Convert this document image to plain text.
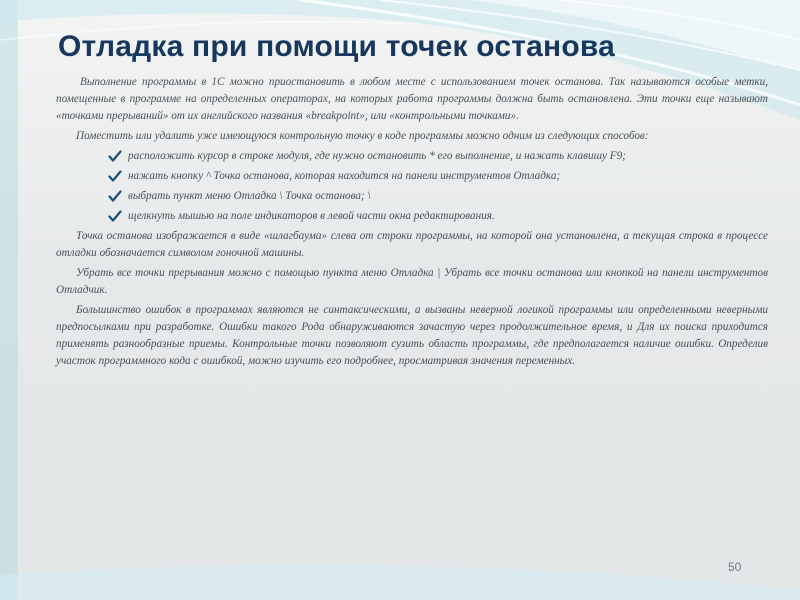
Отладка при помощи точек останова

Выполнение программы в 1С можно приостановить в любом месте с использованием точек останова. Так называются особые метки, помещенные в программе на определенных операторах, на которых работа программы должна быть остановлена. Эти точки еще называют «точками прерываний» от их английского названия «breakpoint», или «контрольными точками».

Поместить или удалить уже имеющуюся контрольную точку в коде программы можно одним из следующих способов:

расположить курсор в строке модуля, где нужно остановить * его выполнение, и нажать клавишу F9;
нажать кнопку ^ Точка останова, которая находится на панели инструментов Отладка;
выбрать пункт меню Отладка \ Точка останова; \
щелкнуть мышью на поле индикаторов в левой части окна редактирования.

Точка останова изображается в виде «шлагбаума» слева от строки программы, на которой она установлена, а текущая строка в процессе отладки обозначается символом гоночной машины.

Убрать все точки прерывания можно с помощью пункта меню Отладка | Убрать все точки останова или кнопкой на панели инструментов Отладчик.

Большинство ошибок в программах являются не синтаксическими, а вызваны неверной логикой программы или определенными неверными предпосылками при разработке. Ошибки такого Рода обнаруживаются зачастую через продолжительное время, и Для их поиска приходится применять разнообразные приемы. Контрольные точки позволяют сузить область программы, где предполагается наличие ошибки. Определив участок программного кода с ошибкой, можно изучить его подробнее, просматривая значения переменных.

50
